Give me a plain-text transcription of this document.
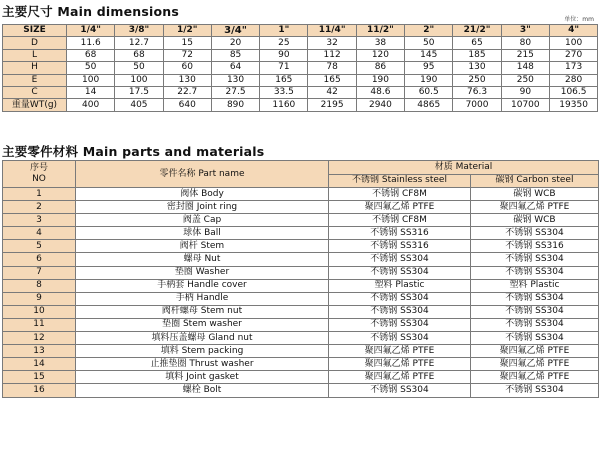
主要尺寸 Main dimensions
单位：mm
SIZE	1/4"	3/8"	1/2"	3/4"	1"	11/4"	11/2"	2"	21/2"	3"	4"
D	11.6	12.7	15	20	25	32	38	50	65	80	100
L	68	68	72	85	90	112	120	145	185	215	270
H	50	50	60	64	71	78	86	95	130	148	173
E	100	100	130	130	165	165	190	190	250	250	280
C	14	17.5	22.7	27.5	33.5	42	48.6	60.5	76.3	90	106.5
重量WT(g)	400	405	640	890	1160	2195	2940	4865	7000	10700	19350
主要零件材料 Main parts and materials
序号
NO	零件名称 Part name	材质 Material	
		不锈钢 Stainless steel	碳钢 Carbon steel
1	阀体 Body	不锈钢 CF8M	碳钢 WCB
2	密封圈 Joint ring	聚四氟乙烯 PTFE	聚四氟乙烯 PTFE
3	阀盖 Cap	不锈钢 CF8M	碳钢 WCB
4	球体 Ball	不锈钢 SS316	不锈钢 SS304
5	阀杆 Stem	不锈钢 SS316	不锈钢 SS316
6	螺母 Nut	不锈钢 SS304	不锈钢 SS304
7	垫圈 Washer	不锈钢 SS304	不锈钢 SS304
8	手柄套 Handle cover	塑料 Plastic	塑料 Plastic
9	手柄 Handle	不锈钢 SS304	不锈钢 SS304
10	阀杆螺母 Stem nut	不锈钢 SS304	不锈钢 SS304
11	垫圈 Stem washer	不锈钢 SS304	不锈钢 SS304
12	填料压盖螺母 Gland nut	不锈钢 SS304	不锈钢 SS304
13	填料 Stem packing	聚四氟乙烯 PTFE	聚四氟乙烯 PTFE
14	止推垫圈 Thrust washer	聚四氟乙烯 PTFE	聚四氟乙烯 PTFE
15	填料 Joint gasket	聚四氟乙烯 PTFE	聚四氟乙烯 PTFE
16	螺栓 Bolt	不锈钢 SS304	不锈钢 SS304
